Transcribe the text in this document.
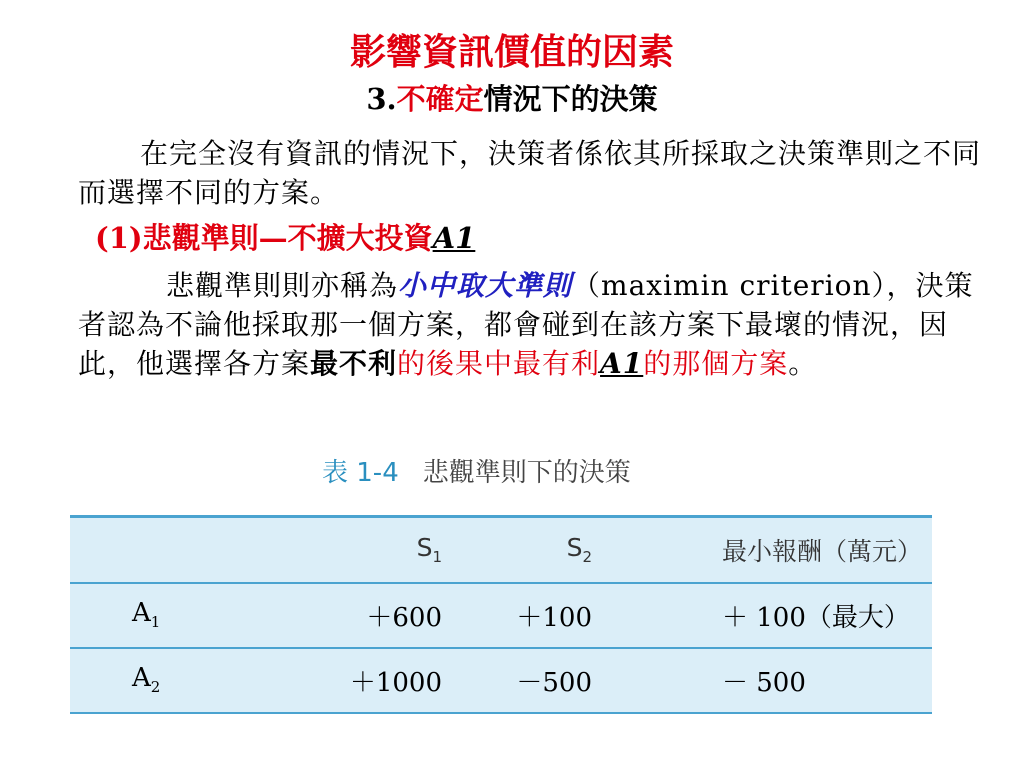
影響資訊價值的因素
3.不確定情況下的決策
在完全沒有資訊的情況下，決策者係依其所採取之決策準則之不同而選擇不同的方案。
(1)悲觀準則—不擴大投資A1
悲觀準則則亦稱為小中取大準則（maximin criterion），決策者認為不論他採取那一個方案，都會碰到在該方案下最壞的情況，因此，他選擇各方案最不利的後果中最有利A1的那個方案。
表 1-4 悲觀準則下的決策
	$S_1$	$S_2$	最小報酬（萬元）
$A_1$	＋600	＋100	＋ 100（最大）
$A_2$	＋1000	－500	－ 500
